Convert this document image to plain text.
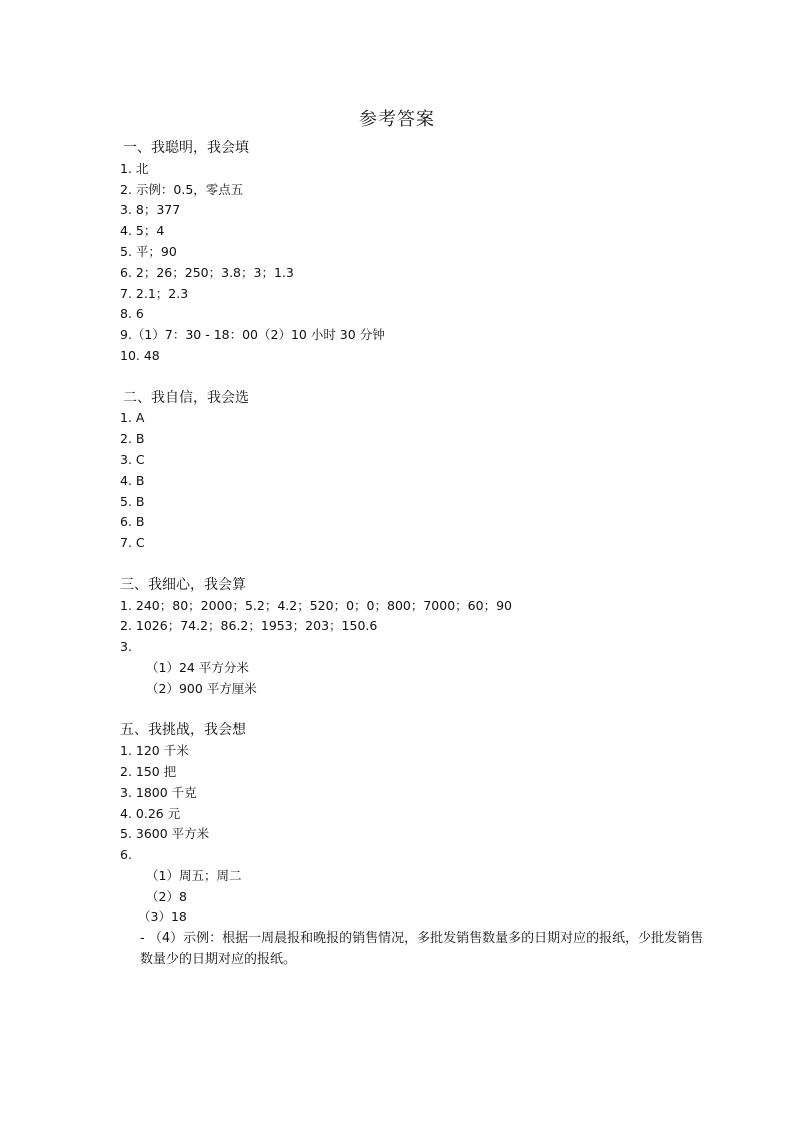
参考答案
一、我聪明，我会填
1. 北
2. 示例：0.5，零点五
3. 8；377
4. 5；4
5. 平；90
6. 2；26；250；3.8；3；1.3
7. 2.1；2.3
8. 6
9.（1）7：30 - 18：00（2）10 小时 30 分钟
10. 48
二、我自信，我会选
1. A
2. B
3. C
4. B
5. B
6. B
7. C
三、我细心，我会算
1. 240；80；2000；5.2；4.2；520；0；0；800；7000；60；90
2. 1026；74.2；86.2；1953；203；150.6
3.
（1）24 平方分米
（2）900 平方厘米
五、我挑战，我会想
1. 120 千米
2. 150 把
3. 1800 千克
4. 0.26 元
5. 3600 平方米
6.
（1）周五；周二
（2）8
（3）18
- （4）示例：根据一周晨报和晚报的销售情况，多批发销售数量多的日期对应的报纸，少批发销售数量少的日期对应的报纸。
